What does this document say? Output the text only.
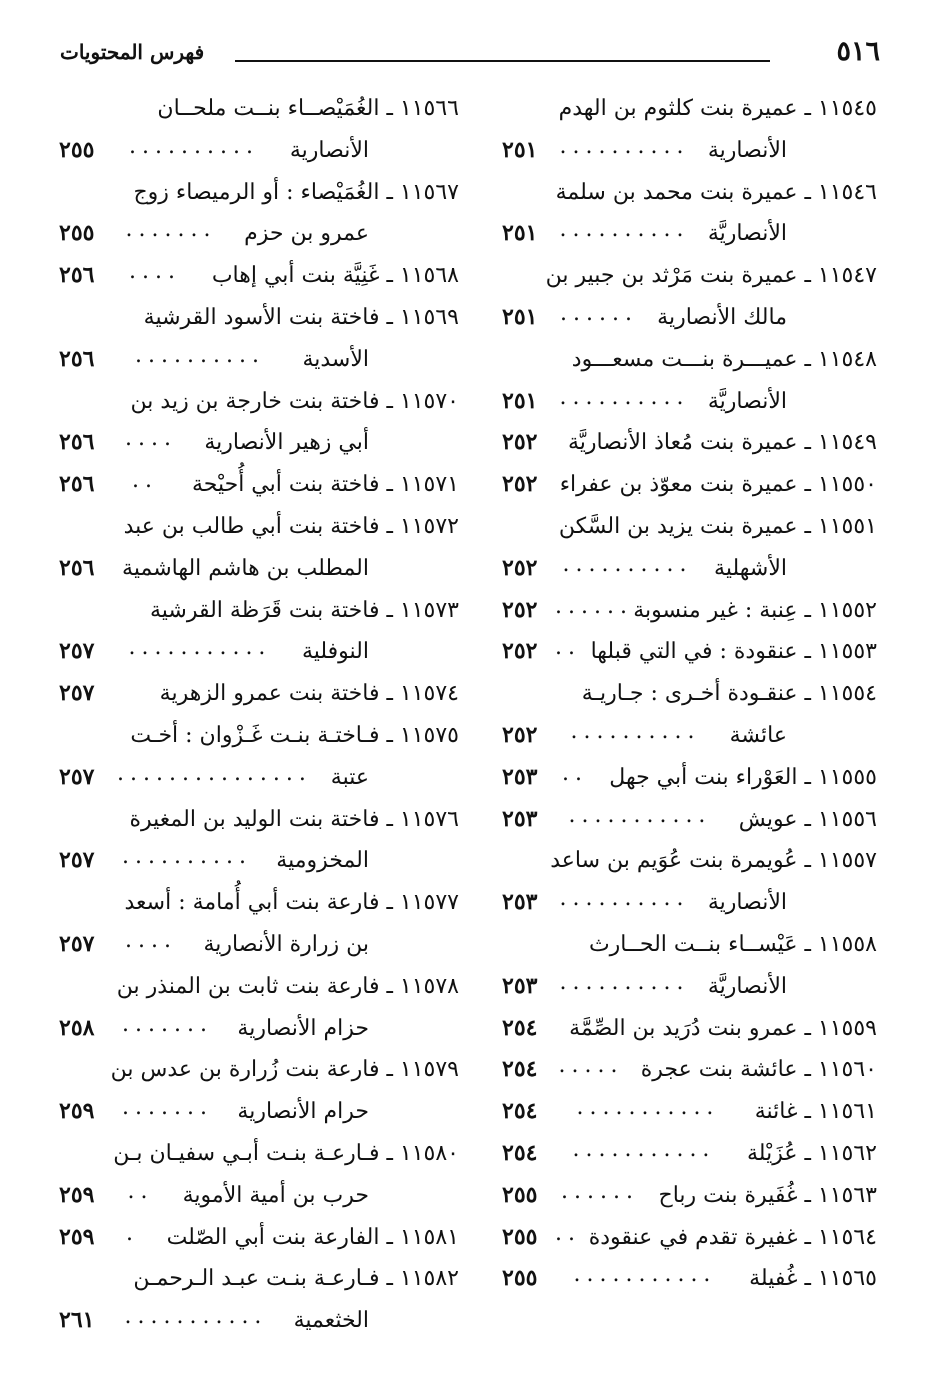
٥١٦
فهرس المحتويات
١١٥٤٥ ـ عميرة بنت كلثوم بن الهدم
الأنصارية
..........
٢٥١
١١٥٤٦ ـ عميرة بنت محمد بن سلمة
الأنصاريَّة
..........
٢٥١
١١٥٤٧ ـ عميرة بنت مَرْثد بن جبير بن
مالك الأنصارية
......
٢٥١
١١٥٤٨ ـ عميـــرة بنـــت مسعـــود
الأنصاريَّة
..........
٢٥١
١١٥٤٩ ـ عميرة بنت مُعاذ الأنصاريَّة
٢٥٢
١١٥٥٠ ـ عميرة بنت معوّذ بن عفراء
٢٥٢
١١٥٥١ ـ عميرة بنت يزيد بن السَّكن
الأشهلية
..........
٢٥٢
١١٥٥٢ ـ عِنبة : غير منسوبة
......
٢٥٢
١١٥٥٣ ـ عنقودة : في التي قبلها
..
٢٥٢
١١٥٥٤ ـ عنقـودة أخـرى : جـاريـة
عائشة
..........
٢٥٢
١١٥٥٥ ـ العَوْراء بنت أبي جهل
..
٢٥٣
١١٥٥٦ ـ عويش
...........
٢٥٣
١١٥٥٧ ـ عُويمرة بنت عُوَيم بن ساعد
الأنصارية
..........
٢٥٣
١١٥٥٨ ـ عَيْســاء بنــت الحــارث
الأنصاريَّة
..........
٢٥٣
١١٥٥٩ ـ عمرو بنت دُرَيد بن الصِّمَّة
٢٥٤
١١٥٦٠ ـ عائشة بنت عجرة
.....
٢٥٤
١١٥٦١ ـ غائنة
...........
٢٥٤
١١٥٦٢ ـ عُزَيْلة
...........
٢٥٤
١١٥٦٣ ـ غُفَيرة بنت رباح
......
٢٥٥
١١٥٦٤ ـ غفيرة تقدم في عنقودة
..
٢٥٥
١١٥٦٥ ـ غُفيلة
...........
٢٥٥
١١٥٦٦ ـ الغُمَيْصــاء بنــت ملحــان
الأنصارية
..........
٢٥٥
١١٥٦٧ ـ الغُمَيْصاء : أو الرميصاء زوج
عمرو بن حزم
.......
٢٥٥
١١٥٦٨ ـ غَنِيَّة بنت أبي إهاب
....
٢٥٦
١١٥٦٩ ـ فاختة بنت الأسود القرشية
الأسدية
..........
٢٥٦
١١٥٧٠ ـ فاختة بنت خارجة بن زيد بن
أبي زهير الأنصارية
....
٢٥٦
١١٥٧١ ـ فاختة بنت أبي أُحيْحة
..
٢٥٦
١١٥٧٢ ـ فاختة بنت أبي طالب بن عبد
المطلب بن هاشم الهاشمية
٢٥٦
١١٥٧٣ ـ فاختة بنت قَرَظة القرشية
النوفلية
...........
٢٥٧
١١٥٧٤ ـ فاختة بنت عمرو الزهرية
٢٥٧
١١٥٧٥ ـ فـاختـة بنـت غَـزْوان : أخـت
عتبة
...............
٢٥٧
١١٥٧٦ ـ فاختة بنت الوليد بن المغيرة
المخزومية
..........
٢٥٧
١١٥٧٧ ـ فارعة بنت أبي أُمامة : أسعد
بن زرارة الأنصارية
....
٢٥٧
١١٥٧٨ ـ فارعة بنت ثابت بن المنذر بن
حزام الأنصارية
.......
٢٥٨
١١٥٧٩ ـ فارعة بنت زُرارة بن عدس بن
حرام الأنصارية
.......
٢٥٩
١١٥٨٠ ـ فـارعـة بنـت أبـي سفيـان بـن
حرب بن أمية الأموية
..
٢٥٩
١١٥٨١ ـ الفارعة بنت أبي الصّلت
.
٢٥٩
١١٥٨٢ ـ فـارعـة بنـت عبـد الـرحمـن
الخثعمية
...........
٢٦١
